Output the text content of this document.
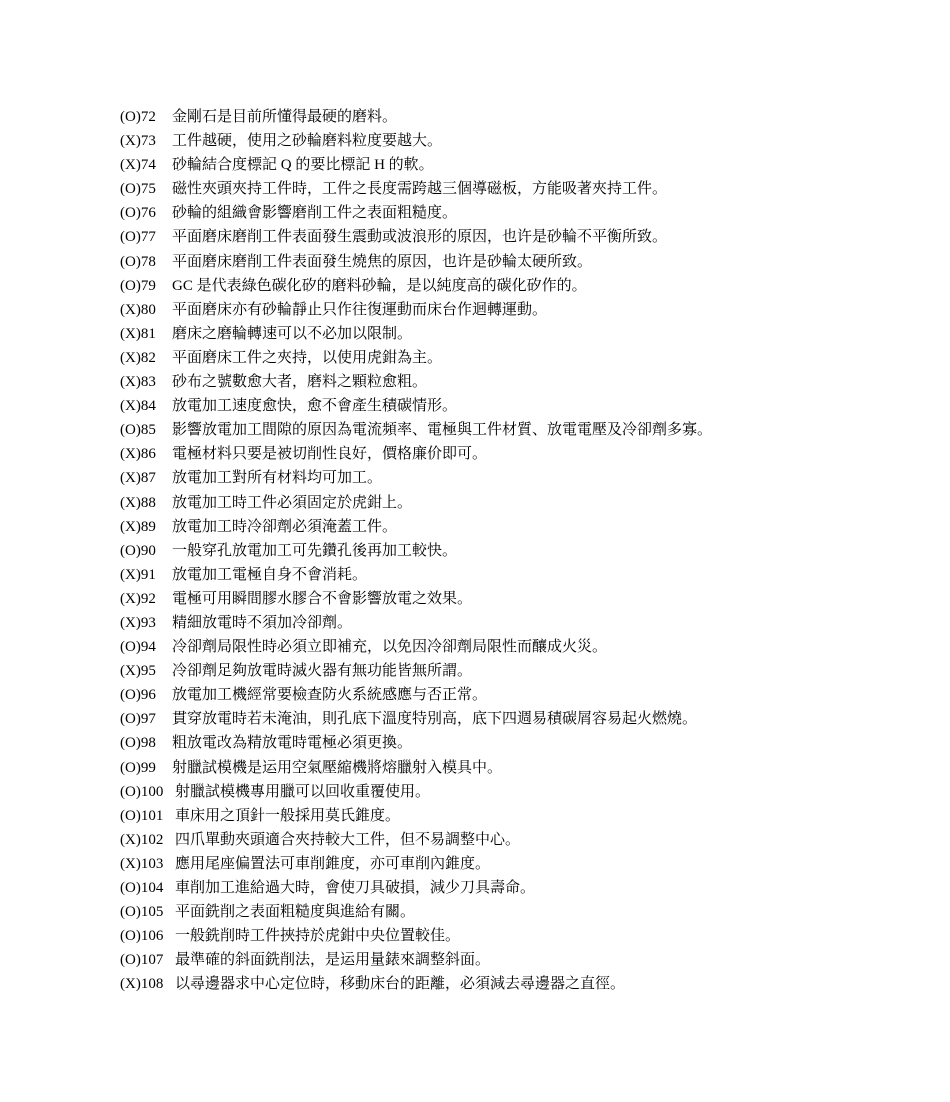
(O)72	金剛石是目前所懂得最硬的磨料。
(X)73	工件越硬，使用之砂輪磨料粒度要越大。
(X)74	砂輪結合度標記 Q 的要比標記 H 的軟。
(O)75	磁性夾頭夾持工件時，工件之長度需跨越三個導磁板，方能吸著夾持工件。
(O)76	砂輪的組織會影響磨削工件之表面粗糙度。
(O)77	平面磨床磨削工件表面發生震動或波浪形的原因，也许是砂輪不平衡所致。
(O)78	平面磨床磨削工件表面發生燒焦的原因，也许是砂輪太硬所致。
(O)79	GC 是代表綠色碳化矽的磨料砂輪，是以純度高的碳化矽作的。
(X)80	平面磨床亦有砂輪靜止只作往復運動而床台作迴轉運動。
(X)81	磨床之磨輪轉速可以不必加以限制。
(X)82	平面磨床工件之夾持，以使用虎鉗為主。
(X)83	砂布之號數愈大者，磨料之顆粒愈粗。
(X)84	放電加工速度愈快，愈不會產生積碳情形。
(O)85	影響放電加工間隙的原因為電流頻率、電極與工件材質、放電電壓及冷卻劑多寡。
(X)86	電極材料只要是被切削性良好，價格廉价即可。
(X)87	放電加工對所有材料均可加工。
(X)88	放電加工時工件必須固定於虎鉗上。
(X)89	放電加工時冷卻劑必須淹蓋工件。
(O)90	一般穿孔放電加工可先鑽孔後再加工較快。
(X)91	放電加工電極自身不會消耗。
(X)92	電極可用瞬間膠水膠合不會影響放電之效果。
(X)93	精細放電時不須加冷卻劑。
(O)94	冷卻劑局限性時必須立即補充，以免因冷卻劑局限性而釀成火災。
(X)95	冷卻劑足夠放電時滅火器有無功能皆無所謂。
(O)96	放電加工機經常要檢查防火系統感應与否正常。
(O)97	貫穿放電時若未淹油，則孔底下溫度特別高，底下四週易積碳屑容易起火燃燒。
(O)98	粗放電改為精放電時電極必須更換。
(O)99	射臘試模機是运用空氣壓縮機將熔臘射入模具中。
(O)100 射臘試模機專用臘可以回收重覆使用。
(O)101 車床用之頂針一般採用莫氏錐度。
(X)102 四爪單動夾頭適合夾持較大工件，但不易調整中心。
(X)103 應用尾座偏置法可車削錐度，亦可車削內錐度。
(O)104 車削加工進給過大時，會使刀具破損，減少刀具壽命。
(O)105 平面銑削之表面粗糙度與進給有關。
(O)106 一般銑削時工件挾持於虎鉗中央位置較佳。
(O)107 最準確的斜面銑削法，是运用量錶來調整斜面。
(X)108 以尋邊器求中心定位時，移動床台的距離，必須減去尋邊器之直徑。
